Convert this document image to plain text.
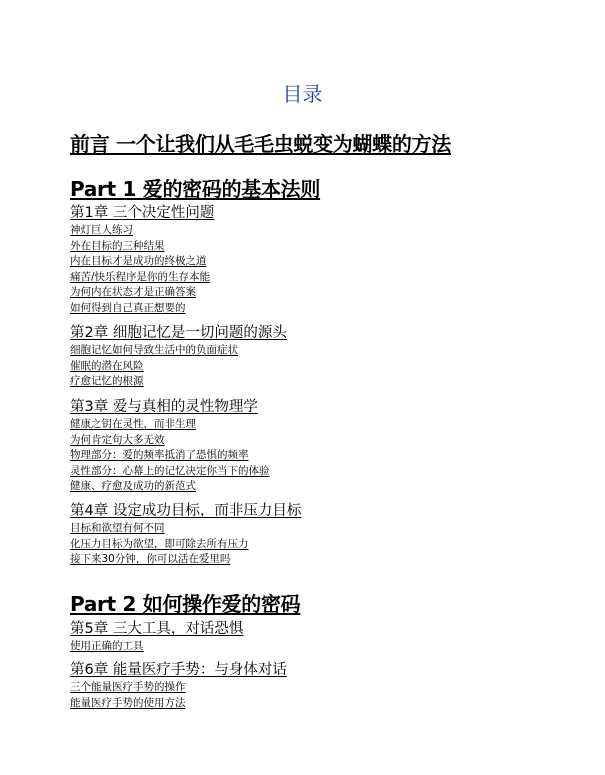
目录
前言 一个让我们从毛毛虫蜕变为蝴蝶的方法
Part 1 爱的密码的基本法则
第1章 三个决定性问题
神灯巨人练习
外在目标的三种结果
内在目标才是成功的终极之道
痛苦/快乐程序是你的生存本能
为何内在状态才是正确答案
如何得到自己真正想要的
第2章 细胞记忆是一切问题的源头
细胞记忆如何导致生活中的负面症状
催眠的潜在风险
疗愈记忆的根源
第3章 爱与真相的灵性物理学
健康之钥在灵性，而非生理
为何肯定句大多无效
物理部分：爱的频率抵消了恐惧的频率
灵性部分：心幕上的记忆决定你当下的体验
健康、疗愈及成功的新范式
第4章 设定成功目标，而非压力目标
目标和欲望有何不同
化压力目标为欲望，即可除去所有压力
接下来30分钟，你可以活在爱里吗
Part 2 如何操作爱的密码
第5章 三大工具，对话恐惧
使用正确的工具
第6章 能量医疗手势：与身体对话
三个能量医疗手势的操作
能量医疗手势的使用方法
